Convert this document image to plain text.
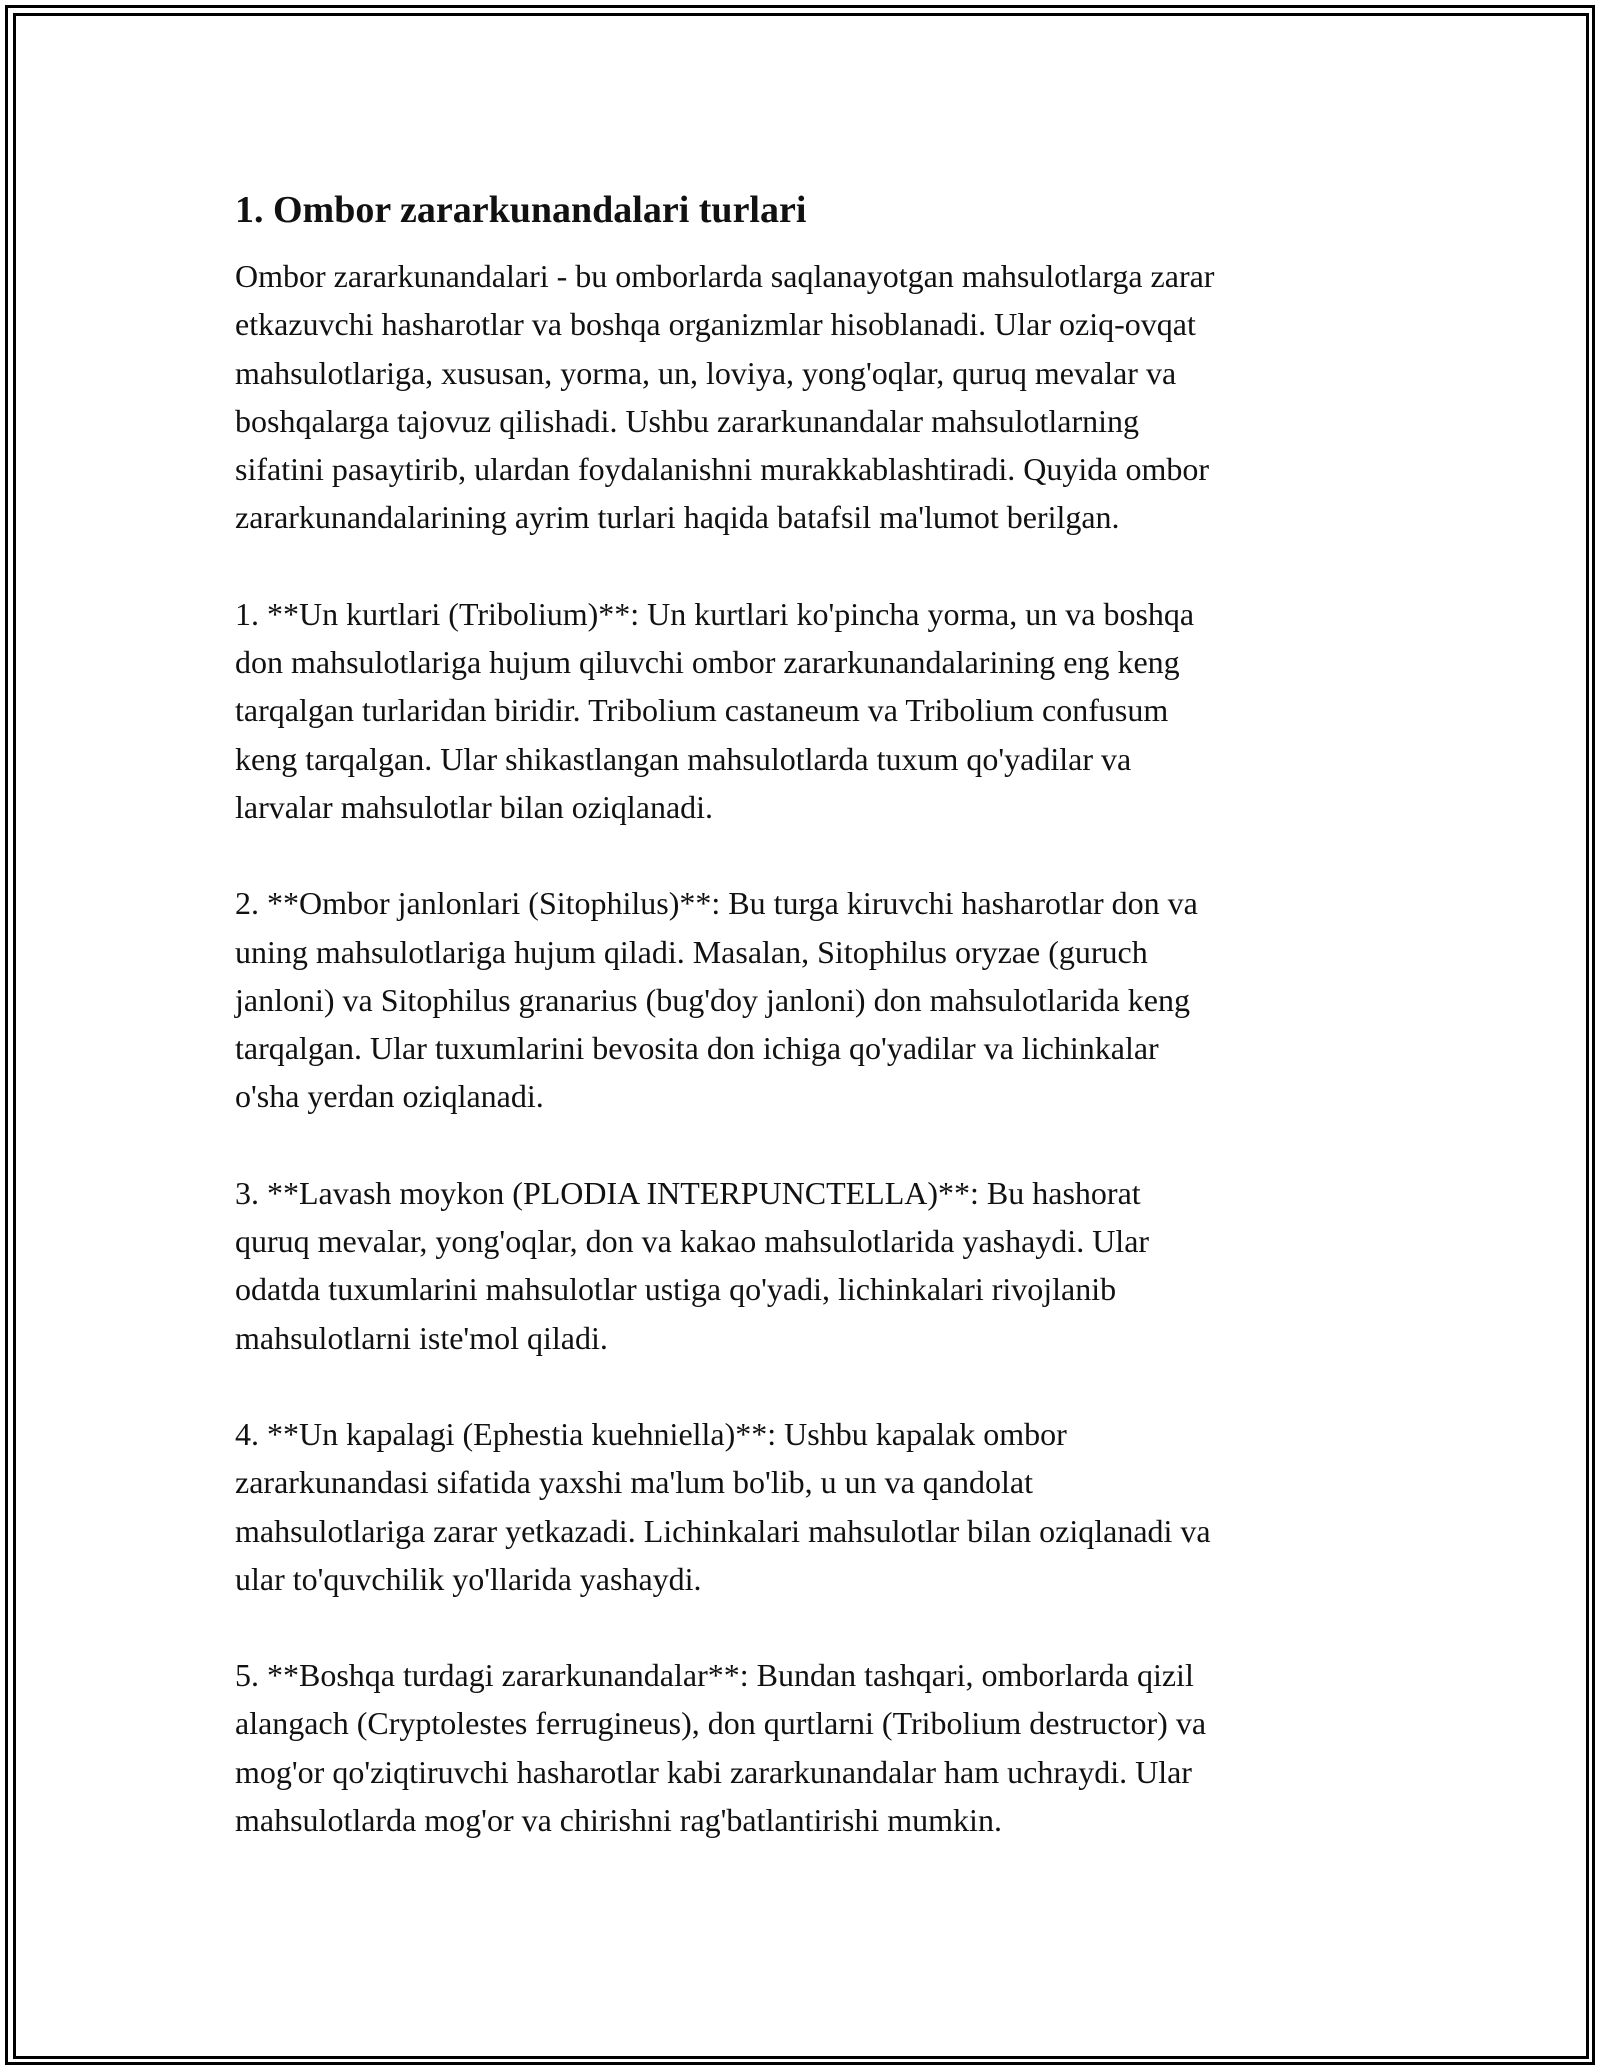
1. Ombor zararkunandalari turlari

Ombor zararkunandalari - bu omborlarda saqlanayotgan mahsulotlarga zarar
etkazuvchi hasharotlar va boshqa organizmlar hisoblanadi. Ular oziq-ovqat
mahsulotlariga, xususan, yorma, un, loviya, yong'oqlar, quruq mevalar va
boshqalarga tajovuz qilishadi. Ushbu zararkunandalar mahsulotlarning
sifatini pasaytirib, ulardan foydalanishni murakkablashtiradi. Quyida ombor
zararkunandalarining ayrim turlari haqida batafsil ma'lumot berilgan.

1. **Un kurtlari (Tribolium)**: Un kurtlari ko'pincha yorma, un va boshqa
don mahsulotlariga hujum qiluvchi ombor zararkunandalarining eng keng
tarqalgan turlaridan biridir. Tribolium castaneum va Tribolium confusum
keng tarqalgan. Ular shikastlangan mahsulotlarda tuxum qo'yadilar va
larvalar mahsulotlar bilan oziqlanadi.

2. **Ombor janlonlari (Sitophilus)**: Bu turga kiruvchi hasharotlar don va
uning mahsulotlariga hujum qiladi. Masalan, Sitophilus oryzae (guruch
janloni) va Sitophilus granarius (bug'doy janloni) don mahsulotlarida keng
tarqalgan. Ular tuxumlarini bevosita don ichiga qo'yadilar va lichinkalar
o'sha yerdan oziqlanadi.

3. **Lavash moykon (PLODIA INTERPUNCTELLA)**: Bu hashorat
quruq mevalar, yong'oqlar, don va kakao mahsulotlarida yashaydi. Ular
odatda tuxumlarini mahsulotlar ustiga qo'yadi, lichinkalari rivojlanib
mahsulotlarni iste'mol qiladi.

4. **Un kapalagi (Ephestia kuehniella)**: Ushbu kapalak ombor
zararkunandasi sifatida yaxshi ma'lum bo'lib, u un va qandolat
mahsulotlariga zarar yetkazadi. Lichinkalari mahsulotlar bilan oziqlanadi va
ular to'quvchilik yo'llarida yashaydi.

5. **Boshqa turdagi zararkunandalar**: Bundan tashqari, omborlarda qizil
alangach (Cryptolestes ferrugineus), don qurtlarni (Tribolium destructor) va
mog'or qo'ziqtiruvchi hasharotlar kabi zararkunandalar ham uchraydi. Ular
mahsulotlarda mog'or va chirishni rag'batlantirishi mumkin.
